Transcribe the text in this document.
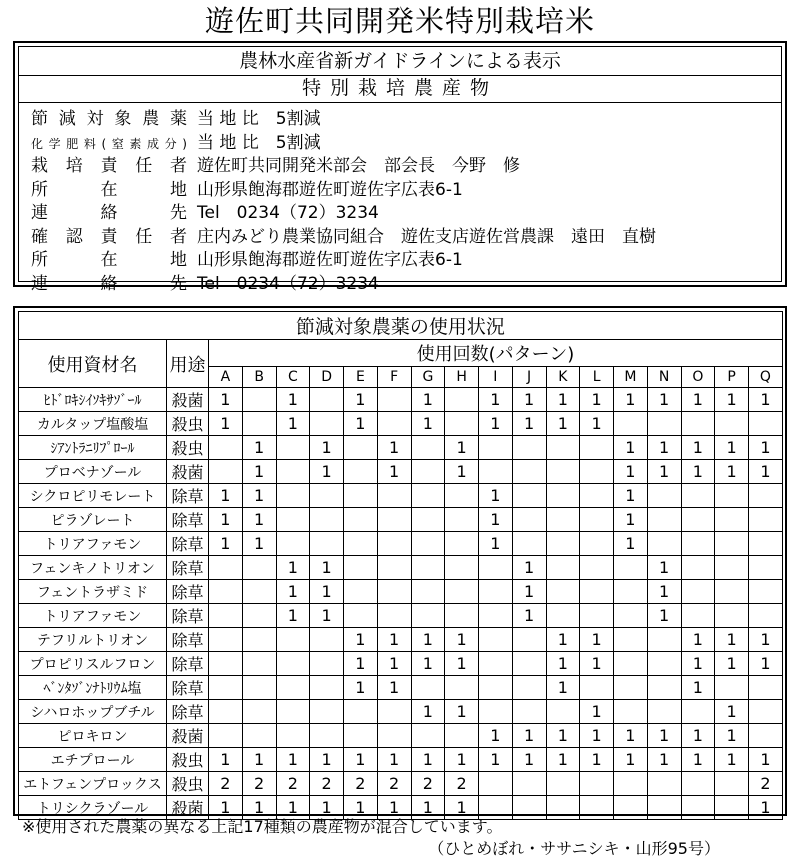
遊佐町共同開発米特別栽培米
農林水産省新ガイドラインによる表示
特別栽培農産物
節減対象農薬 当 地 比　5割減
化学肥料(窒素成分) 当 地 比　5割減
栽培責任者 遊佐町共同開発米部会　部会長　今野　修
所在地 山形県飽海郡遊佐町遊佐字広表6-1
連絡先 Tel　0234（72）3234
確認責任者 庄内みどり農業協同組合　遊佐支店遊佐営農課　遠田　直樹
所在地 山形県飽海郡遊佐町遊佐字広表6-1
連絡先 Tel　0234（72）3234
節減対象農薬の使用状況																		
使用資材名	用途	使用回数(パターン)																
		A	B	C	D	E	F	G	H	I	J	K	L	M	N	O	P	Q
ﾋﾄﾞﾛｷｼｲｿｷｻｿﾞｰﾙ	殺菌	1		1		1		1		1	1	1	1	1	1	1	1	1
カルタップ塩酸塩	殺虫	1		1		1		1		1	1	1	1					
ｼｱﾝﾄﾗﾆﾘﾌﾟﾛｰﾙ	殺虫		1		1		1		1					1	1	1	1	1
プロベナゾール	殺菌		1		1		1		1					1	1	1	1	1
シクロピリモレート	除草	1	1							1				1				
ピラゾレート	除草	1	1							1				1				
トリアファモン	除草	1	1							1				1				
フェンキノトリオン	除草			1	1						1				1			
フェントラザミド	除草			1	1						1				1			
トリアファモン	除草			1	1						1				1			
テフリルトリオン	除草					1	1	1	1			1	1			1	1	1
プロピリスルフロン	除草					1	1	1	1			1	1			1	1	1
ﾍﾞﾝﾀｿﾞﾝﾅﾄﾘｳﾑ塩	除草					1	1					1				1		
シハロホップブチル	除草							1	1				1				1	
ピロキロン	殺菌									1	1	1	1	1	1	1	1	
エチプロール	殺虫	1	1	1	1	1	1	1	1	1	1	1	1	1	1	1	1	1
エトフェンプロックス	殺虫	2	2	2	2	2	2	2	2									2
トリシクラゾール	殺菌	1	1	1	1	1	1	1	1									1
※使用された農薬の異なる上記17種類の農産物が混合しています。
（ひとめぼれ・ササニシキ・山形95号）
